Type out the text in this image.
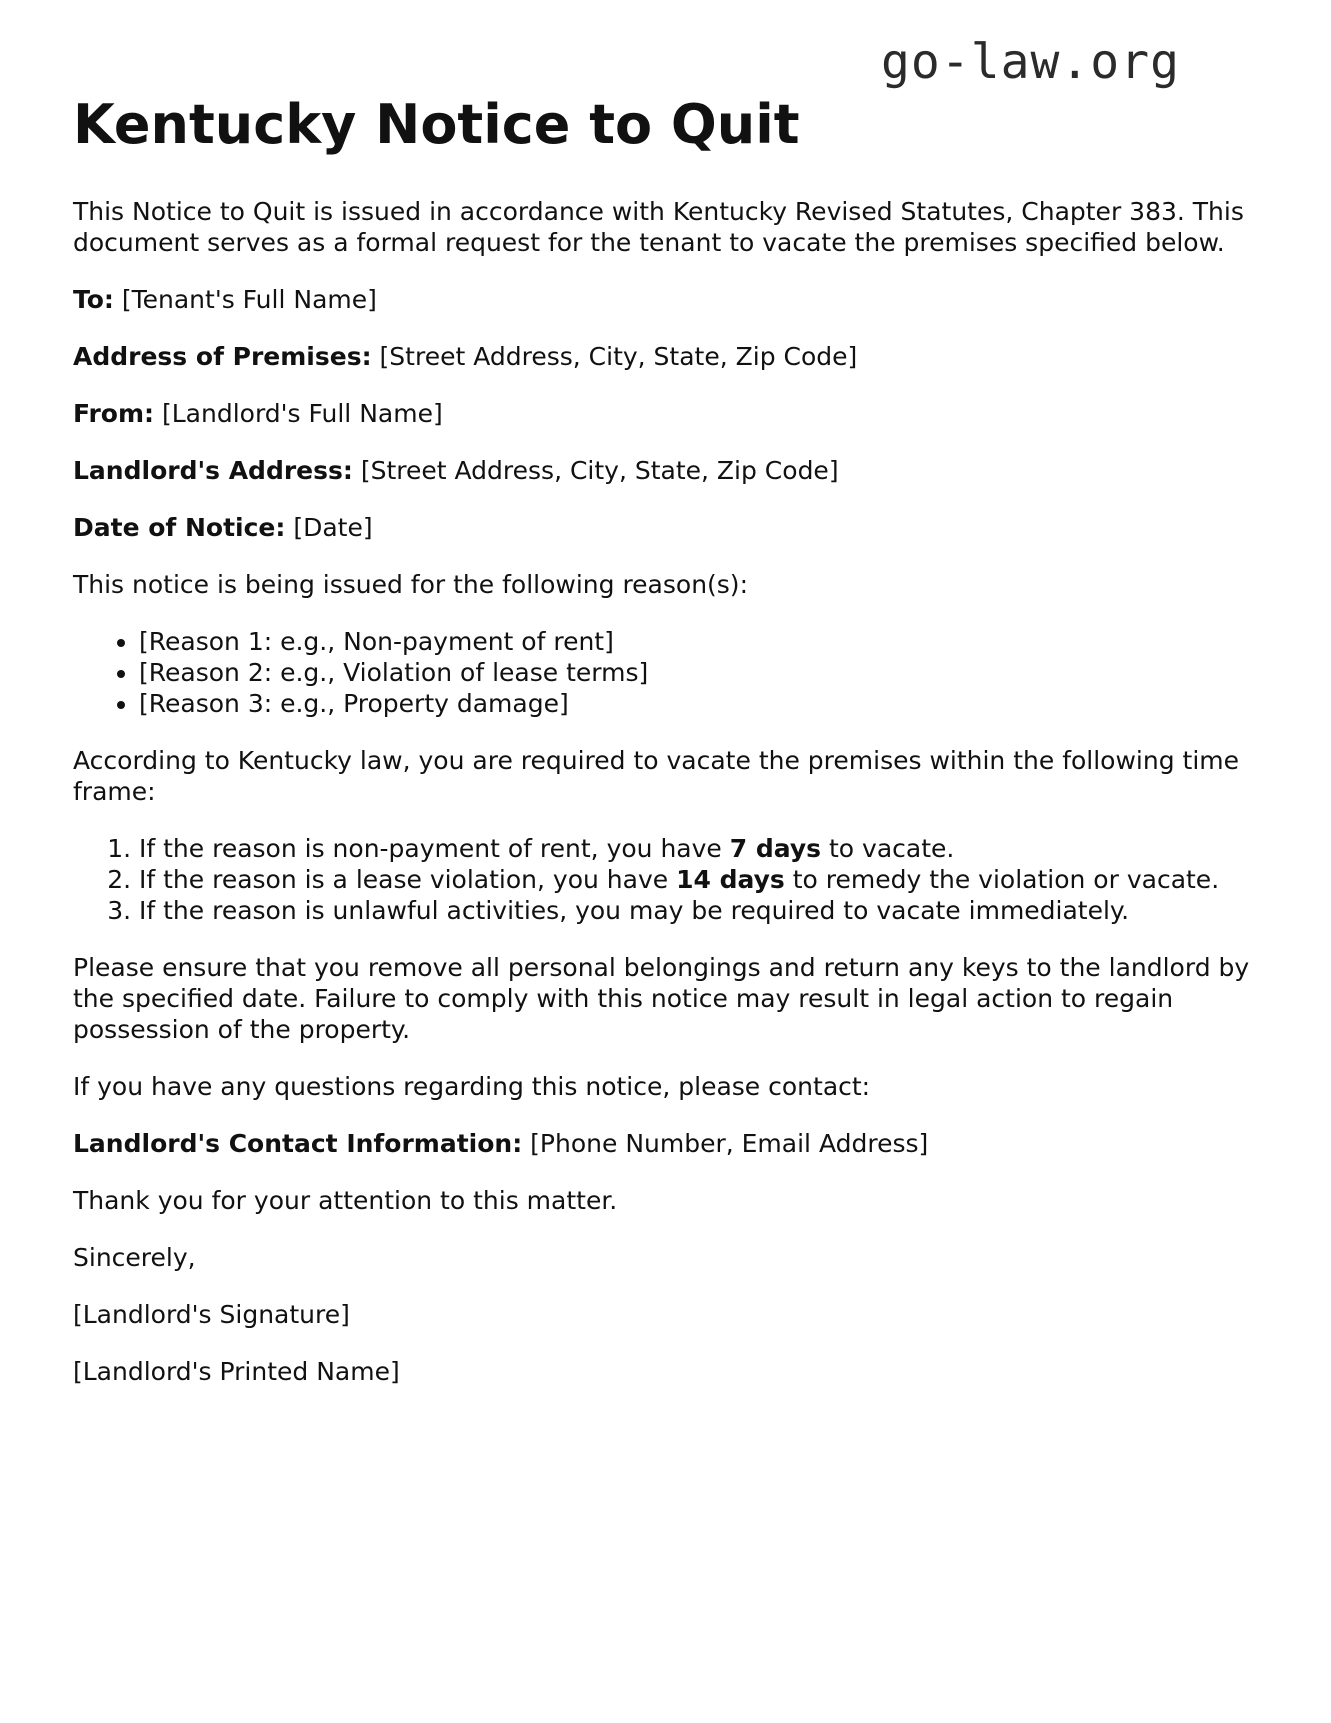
go-law.org
Kentucky Notice to Quit

This Notice to Quit is issued in accordance with Kentucky Revised Statutes, Chapter 383. This document serves as a formal request for the tenant to vacate the premises specified below.

To: [Tenant's Full Name]

Address of Premises: [Street Address, City, State, Zip Code]

From: [Landlord's Full Name]

Landlord's Address: [Street Address, City, State, Zip Code]

Date of Notice: [Date]

This notice is being issued for the following reason(s):

• [Reason 1: e.g., Non-payment of rent]
• [Reason 2: e.g., Violation of lease terms]
• [Reason 3: e.g., Property damage]

According to Kentucky law, you are required to vacate the premises within the following time frame:

1. If the reason is non-payment of rent, you have 7 days to vacate.
2. If the reason is a lease violation, you have 14 days to remedy the violation or vacate.
3. If the reason is unlawful activities, you may be required to vacate immediately.

Please ensure that you remove all personal belongings and return any keys to the landlord by the specified date. Failure to comply with this notice may result in legal action to regain possession of the property.

If you have any questions regarding this notice, please contact:

Landlord's Contact Information: [Phone Number, Email Address]

Thank you for your attention to this matter.

Sincerely,

[Landlord's Signature]

[Landlord's Printed Name]
